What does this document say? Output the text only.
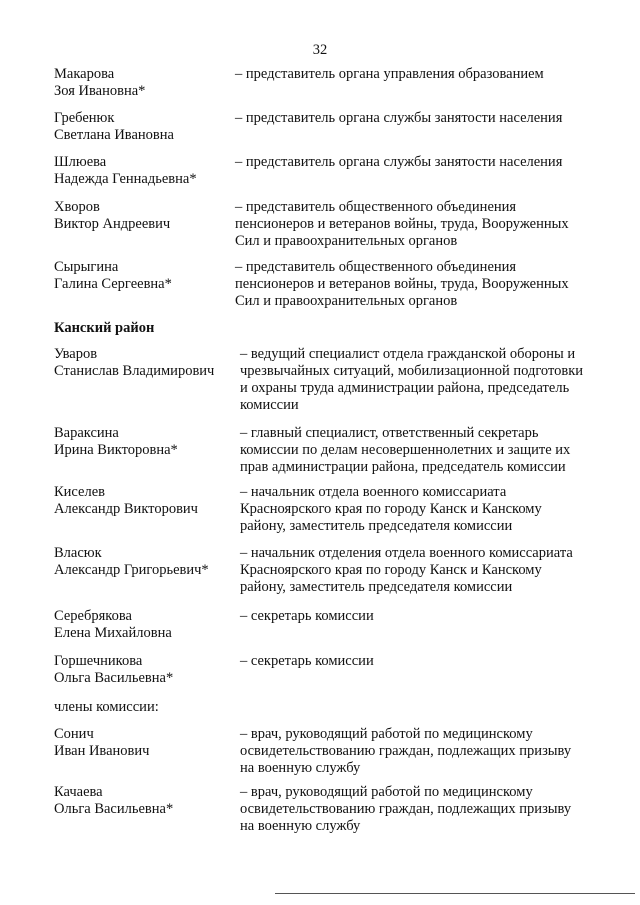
32
Макарова
Зоя Ивановна*
– представитель органа управления образованием
Гребенюк
Светлана Ивановна
– представитель органа службы занятости населения
Шлюева
Надежда Геннадьевна*
– представитель органа службы занятости населения
Хворов
Виктор Андреевич
– представитель общественного объединения
пенсионеров и ветеранов войны, труда, Вооруженных
Сил и правоохранительных органов
Сырыгина
Галина Сергеевна*
– представитель общественного объединения
пенсионеров и ветеранов войны, труда, Вооруженных
Сил и правоохранительных органов
Канский район
Уваров
Станислав Владимирович
– ведущий специалист отдела гражданской обороны и
чрезвычайных ситуаций, мобилизационной подготовки
и охраны труда администрации района, председатель
комиссии
Вараксина
Ирина Викторовна*
– главный специалист, ответственный секретарь
комиссии по делам несовершеннолетних и защите их
прав администрации района, председатель комиссии
Киселев
Александр Викторович
– начальник отдела военного комиссариата
Красноярского края по городу Канск и Канскому
району, заместитель председателя комиссии
Власюк
Александр Григорьевич*
– начальник отделения отдела военного комиссариата
Красноярского края по городу Канск и Канскому
району, заместитель председателя комиссии
Серебрякова
Елена Михайловна
– секретарь комиссии
Горшечникова
Ольга Васильевна*
– секретарь комиссии
члены комиссии:
Сонич
Иван Иванович
– врач, руководящий работой по медицинскому
освидетельствованию граждан, подлежащих призыву
на военную службу
Качаева
Ольга Васильевна*
– врач, руководящий работой по медицинскому
освидетельствованию граждан, подлежащих призыву
на военную службу
